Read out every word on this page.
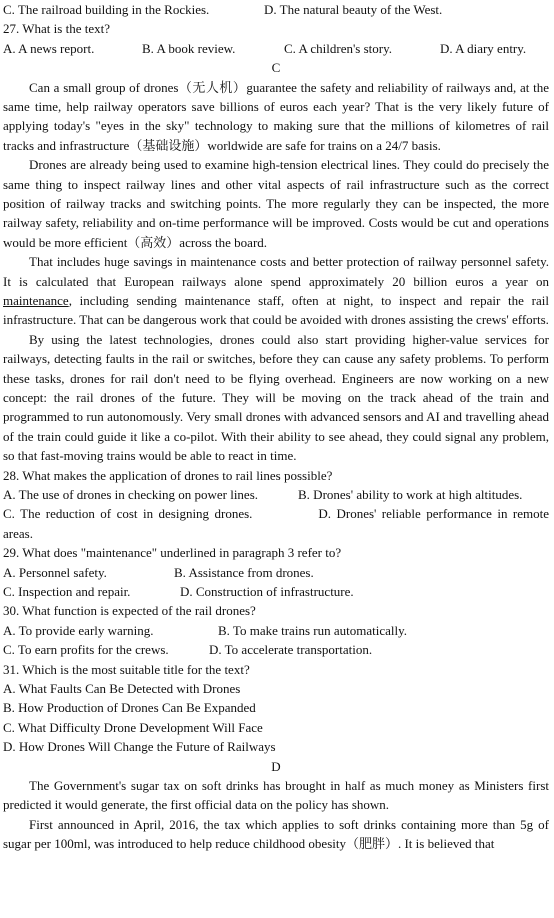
C. The railroad building in the Rockies.	D. The natural beauty of the West.
27. What is the text?
A. A news report.	B. A book review.	C. A children's story.	D. A diary entry.
C

Can a small group of drones（无人机）guarantee the safety and reliability of railways and, at the same time, help railway operators save billions of euros each year? That is the very likely future of applying today's "eyes in the sky" technology to making sure that the millions of kilometres of rail tracks and infrastructure（基础设施）worldwide are safe for trains on a 24/7 basis.

Drones are already being used to examine high-tension electrical lines. They could do precisely the same thing to inspect railway lines and other vital aspects of rail infrastructure such as the correct position of railway tracks and switching points. The more regularly they can be inspected, the more railway safety, reliability and on-time performance will be improved. Costs would be cut and operations would be more efficient（高效）across the board.

That includes huge savings in maintenance costs and better protection of railway personnel safety. It is calculated that European railways alone spend approximately 20 billion euros a year on maintenance, including sending maintenance staff, often at night, to inspect and repair the rail infrastructure. That can be dangerous work that could be avoided with drones assisting the crews' efforts.

By using the latest technologies, drones could also start providing higher-value services for railways, detecting faults in the rail or switches, before they can cause any safety problems. To perform these tasks, drones for rail don't need to be flying overhead. Engineers are now working on a new concept: the rail drones of the future. They will be moving on the track ahead of the train and programmed to run autonomously. Very small drones with advanced sensors and AI and travelling ahead of the train could guide it like a co-pilot. With their ability to see ahead, they could signal any problem, so that fast-moving trains would be able to react in time.

28. What makes the application of drones to rail lines possible?

A. The use of drones in checking on power lines.	B. Drones' ability to work at high altitudes.

C. The reduction of cost in designing drones.	D. Drones' reliable performance in remote areas.

29. What does "maintenance" underlined in paragraph 3 refer to?
A. Personnel safety.	B. Assistance from drones.
C. Inspection and repair.	D. Construction of infrastructure.
30. What function is expected of the rail drones?
A. To provide early warning.	B. To make trains run automatically.
C. To earn profits for the crews.	D. To accelerate transportation.
31. Which is the most suitable title for the text?
A. What Faults Can Be Detected with Drones
B. How Production of Drones Can Be Expanded
C. What Difficulty Drone Development Will Face
D. How Drones Will Change the Future of Railways
D

The Government's sugar tax on soft drinks has brought in half as much money as Ministers first predicted it would generate, the first official data on the policy has shown.

First announced in April, 2016, the tax which applies to soft drinks containing more than 5g of sugar per 100ml, was introduced to help reduce childhood obesity（肥胖）. It is believed that
